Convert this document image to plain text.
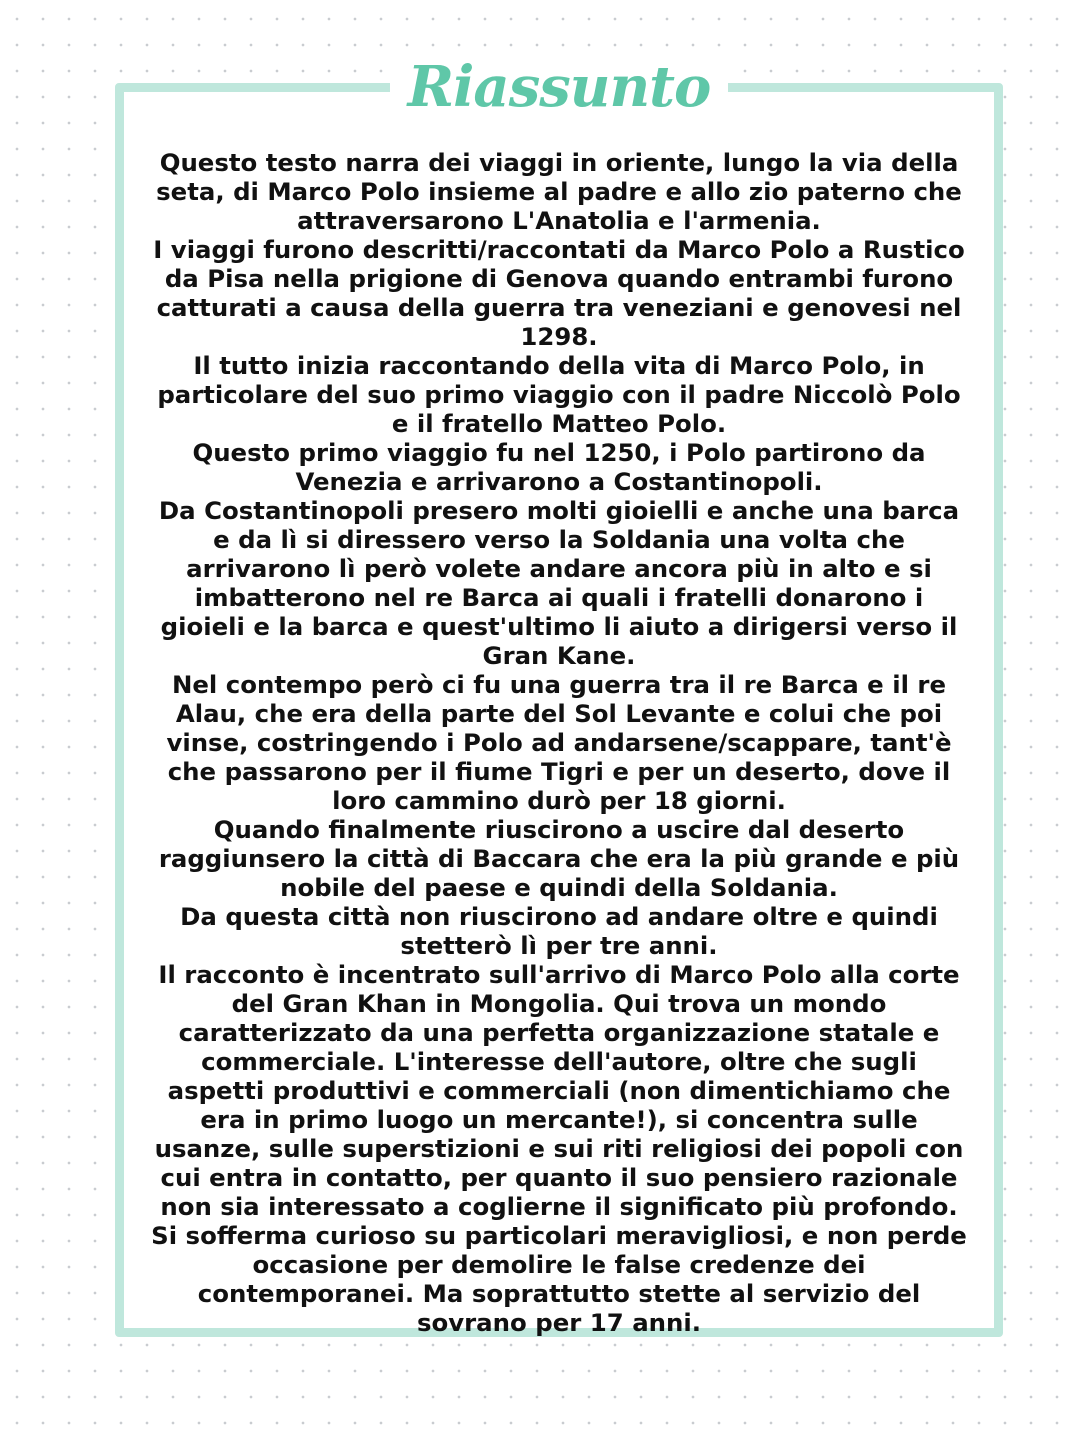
Riassunto

Questo testo narra dei viaggi in oriente, lungo la via della seta, di Marco Polo insieme al padre e allo zio paterno che attraversarono L'Anatolia e l'armenia.

I viaggi furono descritti/raccontati da Marco Polo a Rustico da Pisa nella prigione di Genova quando entrambi furono catturati a causa della guerra tra veneziani e genovesi nel 1298.

Il tutto inizia raccontando della vita di Marco Polo, in particolare del suo primo viaggio con il padre Niccolò Polo e il fratello Matteo Polo.

Questo primo viaggio fu nel 1250, i Polo partirono da Venezia e arrivarono a Costantinopoli.

Da Costantinopoli presero molti gioielli e anche una barca e da lì si diressero verso la Soldania una volta che arrivarono lì però volete andare ancora più in alto e si imbatterono nel re Barca ai quali i fratelli donarono i gioieli e la barca e quest'ultimo li aiuto a dirigersi verso il Gran Kane.

Nel contempo però ci fu una guerra tra il re Barca e il re Alau, che era della parte del Sol Levante e colui che poi vinse, costringendo i Polo ad andarsene/scappare, tant'è che passarono per il fiume Tigri e per un deserto, dove il loro cammino durò per 18 giorni.

Quando finalmente riuscirono a uscire dal deserto raggiunsero la città di Baccara che era la più grande e più nobile del paese e quindi della Soldania.

Da questa città non riuscirono ad andare oltre e quindi stetterò lì per tre anni.

Il racconto è incentrato sull'arrivo di Marco Polo alla corte del Gran Khan in Mongolia. Qui trova un mondo caratterizzato da una perfetta organizzazione statale e commerciale. L'interesse dell'autore, oltre che sugli aspetti produttivi e commerciali (non dimentichiamo che era in primo luogo un mercante!), si concentra sulle usanze, sulle superstizioni e sui riti religiosi dei popoli con cui entra in contatto, per quanto il suo pensiero razionale non sia interessato a coglierne il significato più profondo. Si sofferma curioso su particolari meravigliosi, e non perde occasione per demolire le false credenze dei contemporanei. Ma soprattutto stette al servizio del sovrano per 17 anni.
